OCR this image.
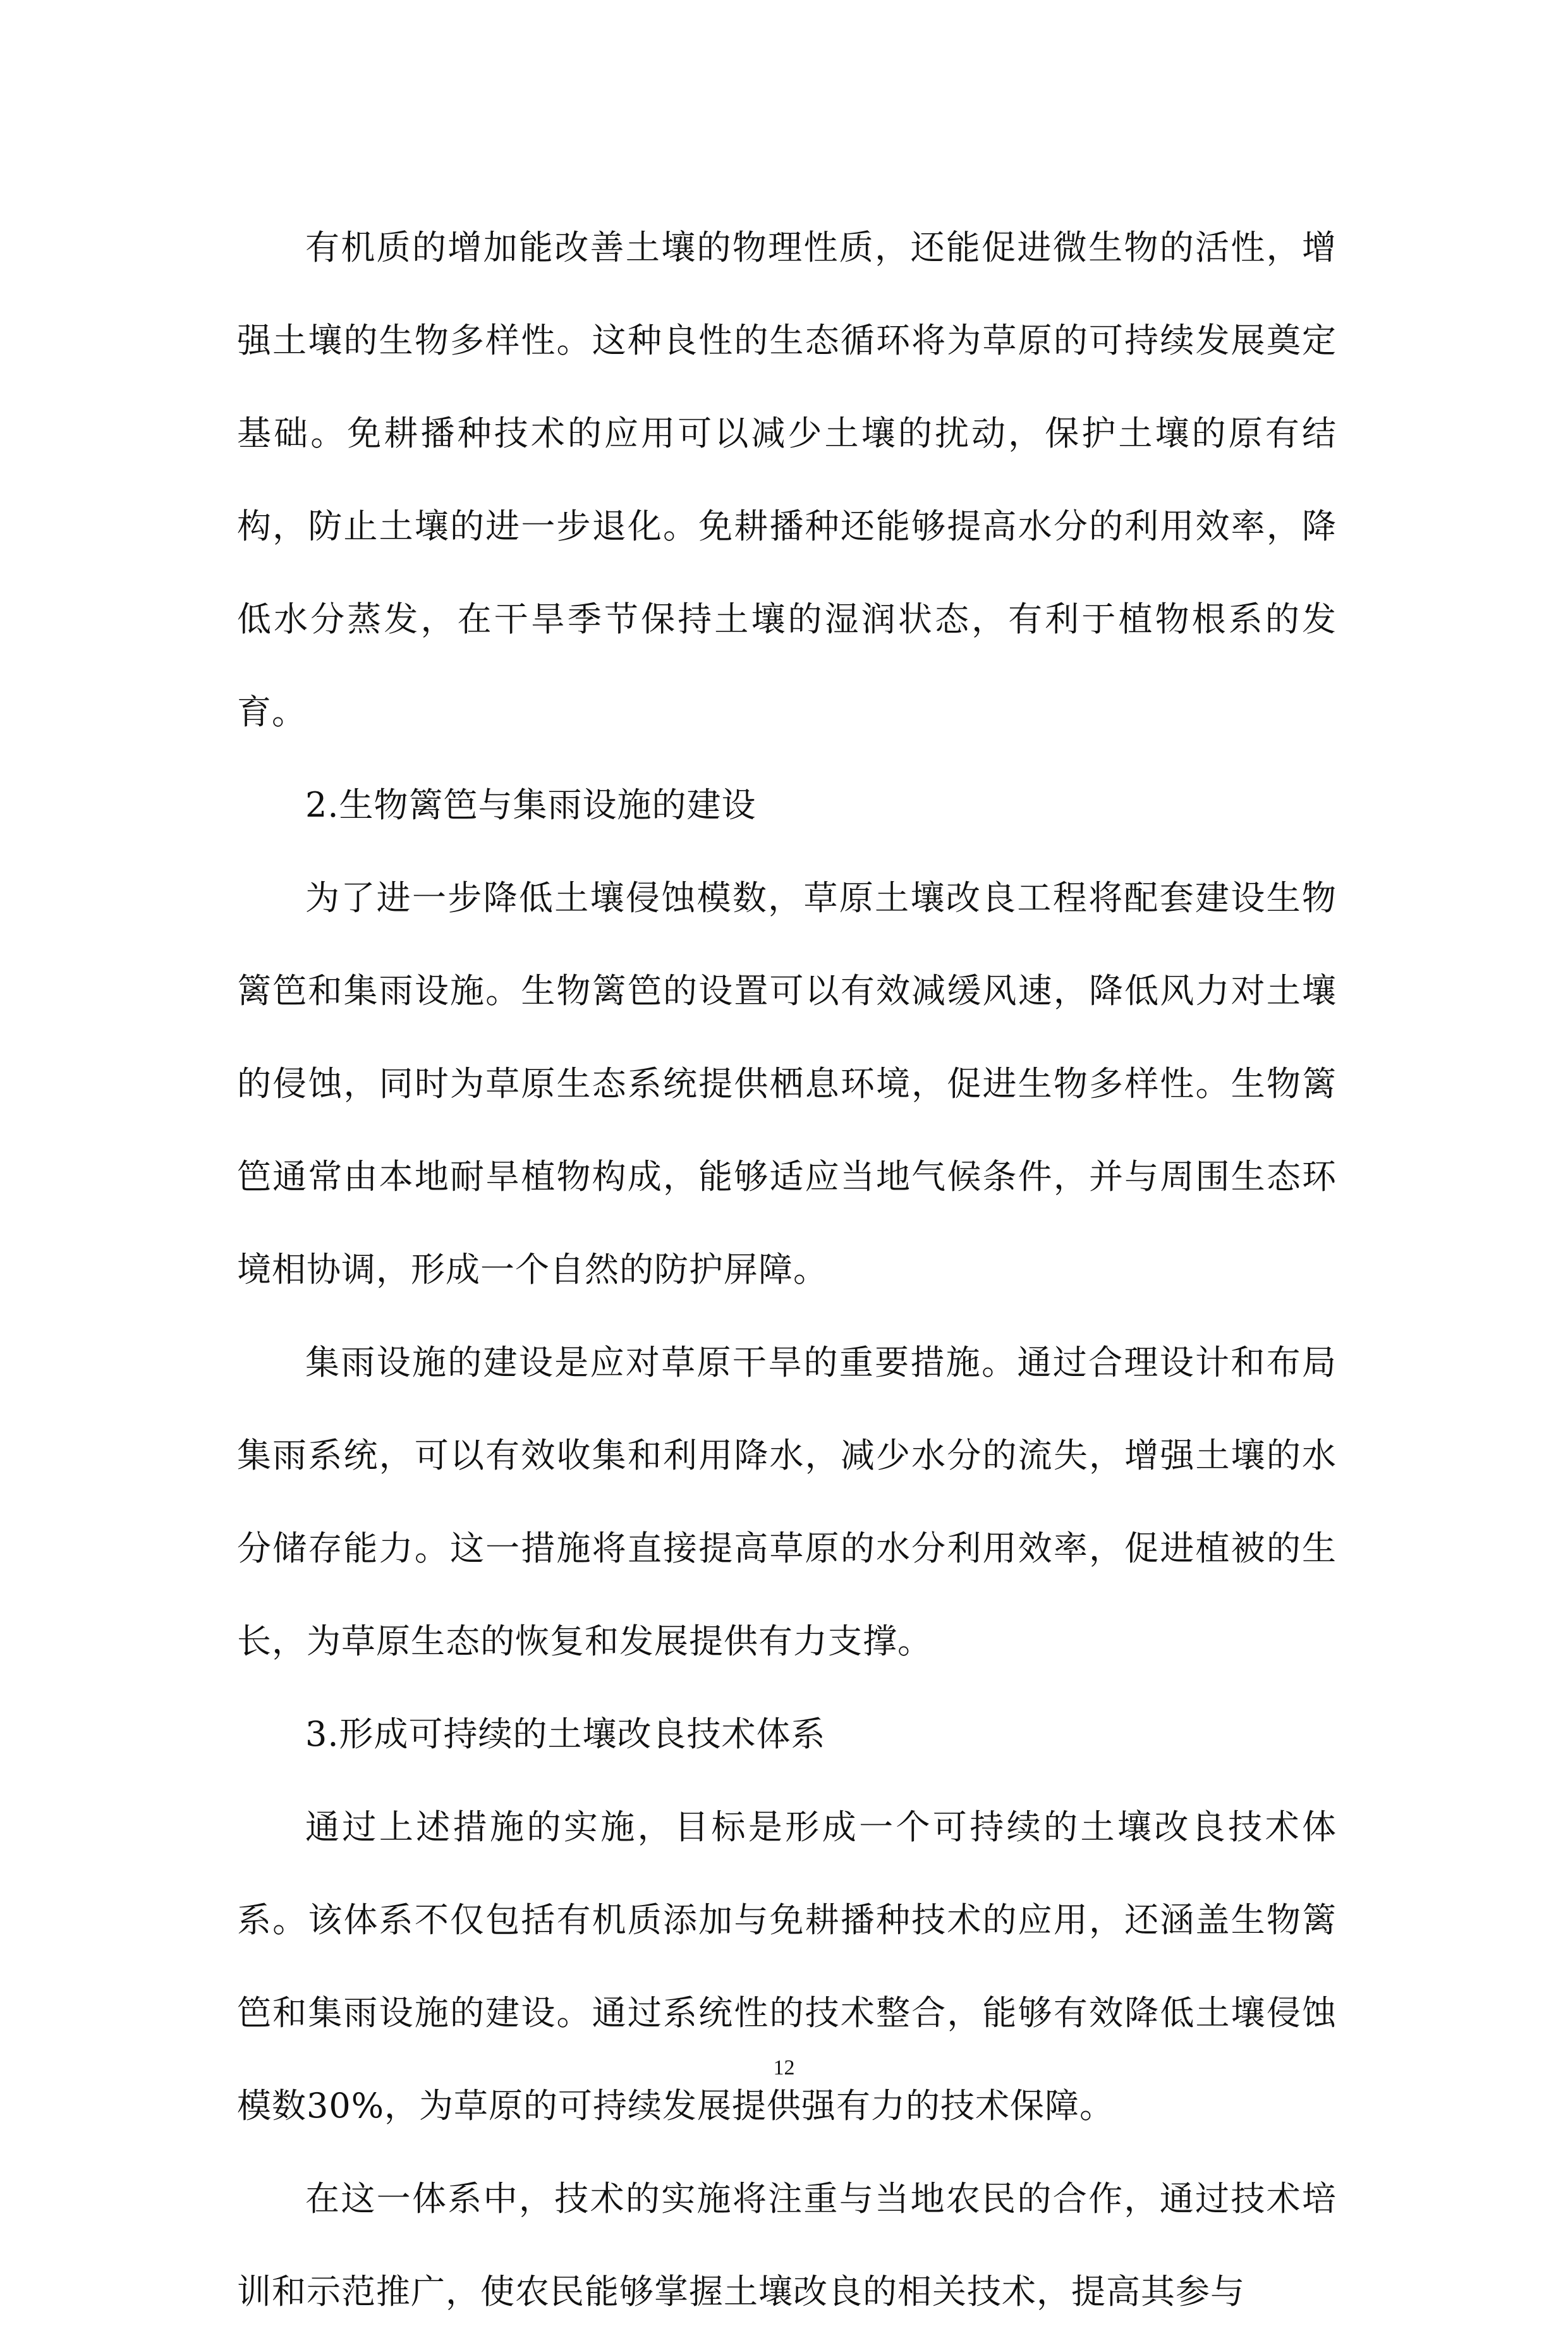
有机质的增加能改善土壤的物理性质，还能促进微生物的活性，增强土壤的生物多样性。这种良性的生态循环将为草原的可持续发展奠定基础。免耕播种技术的应用可以减少土壤的扰动，保护土壤的原有结构，防止土壤的进一步退化。免耕播种还能够提高水分的利用效率，降低水分蒸发，在干旱季节保持土壤的湿润状态，有利于植物根系的发育。

2.生物篱笆与集雨设施的建设

为了进一步降低土壤侵蚀模数，草原土壤改良工程将配套建设生物篱笆和集雨设施。生物篱笆的设置可以有效减缓风速，降低风力对土壤的侵蚀，同时为草原生态系统提供栖息环境，促进生物多样性。生物篱笆通常由本地耐旱植物构成，能够适应当地气候条件，并与周围生态环境相协调，形成一个自然的防护屏障。

集雨设施的建设是应对草原干旱的重要措施。通过合理设计和布局集雨系统，可以有效收集和利用降水，减少水分的流失，增强土壤的水分储存能力。这一措施将直接提高草原的水分利用效率，促进植被的生长，为草原生态的恢复和发展提供有力支撑。

3.形成可持续的土壤改良技术体系

通过上述措施的实施，目标是形成一个可持续的土壤改良技术体系。该体系不仅包括有机质添加与免耕播种技术的应用，还涵盖生物篱笆和集雨设施的建设。通过系统性的技术整合，能够有效降低土壤侵蚀模数30%，为草原的可持续发展提供强有力的技术保障。

在这一体系中，技术的实施将注重与当地农民的合作，通过技术培训和示范推广，使农民能够掌握土壤改良的相关技术，提高其参与

12
